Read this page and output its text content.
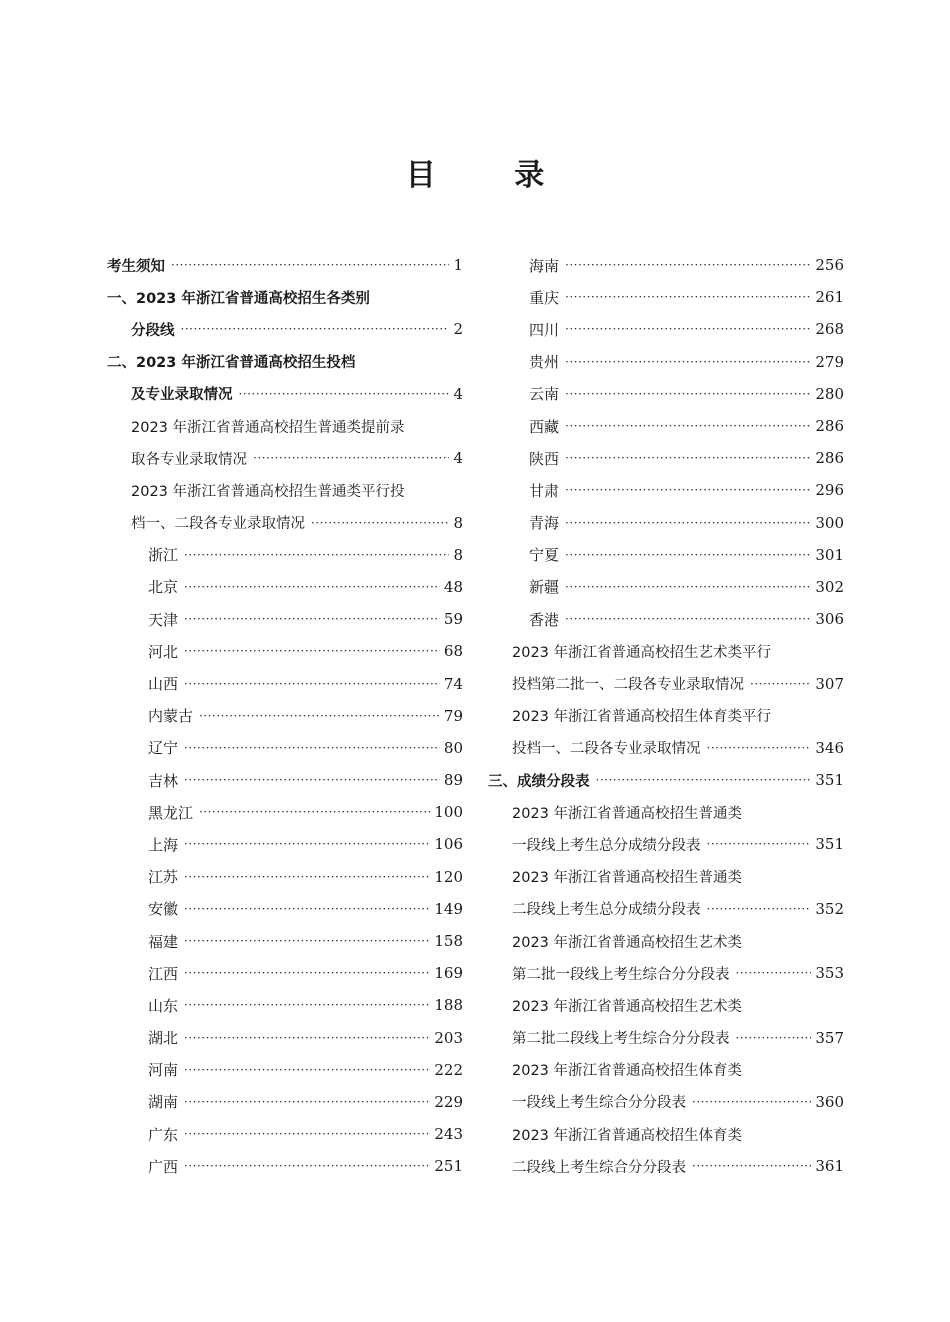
目 录
考生须知 ·····	1
一、2023 年浙江省普通高校招生各类别
分段线 ·····	2
二、2023 年浙江省普通高校招生投档
及专业录取情况 ·····	4
2023 年浙江省普通高校招生普通类提前录
取各专业录取情况 ·····	4
2023 年浙江省普通高校招生普通类平行投
档一、二段各专业录取情况 ·····	8
浙江 ·····	8
北京 ·····	48
天津 ·····	59
河北 ·····	68
山西 ·····	74
内蒙古 ·····	79
辽宁 ·····	80
吉林 ·····	89
黑龙江 ·····	100
上海 ·····	106
江苏 ·····	120
安徽 ·····	149
福建 ·····	158
江西 ·····	169
山东 ·····	188
湖北 ·····	203
河南 ·····	222
湖南 ·····	229
广东 ·····	243
广西 ·····	251
海南 ·····	256
重庆 ·····	261
四川 ·····	268
贵州 ·····	279
云南 ·····	280
西藏 ·····	286
陕西 ·····	286
甘肃 ·····	296
青海 ·····	300
宁夏 ·····	301
新疆 ·····	302
香港 ·····	306
2023 年浙江省普通高校招生艺术类平行
投档第二批一、二段各专业录取情况 ·····	307
2023 年浙江省普通高校招生体育类平行
投档一、二段各专业录取情况 ·····	346
三、成绩分段表 ·····	351
2023 年浙江省普通高校招生普通类
一段线上考生总分成绩分段表 ·····	351
2023 年浙江省普通高校招生普通类
二段线上考生总分成绩分段表 ·····	352
2023 年浙江省普通高校招生艺术类
第二批一段线上考生综合分分段表 ·····	353
2023 年浙江省普通高校招生艺术类
第二批二段线上考生综合分分段表 ·····	357
2023 年浙江省普通高校招生体育类
一段线上考生综合分分段表 ·····	360
2023 年浙江省普通高校招生体育类
二段线上考生综合分分段表 ·····	361
